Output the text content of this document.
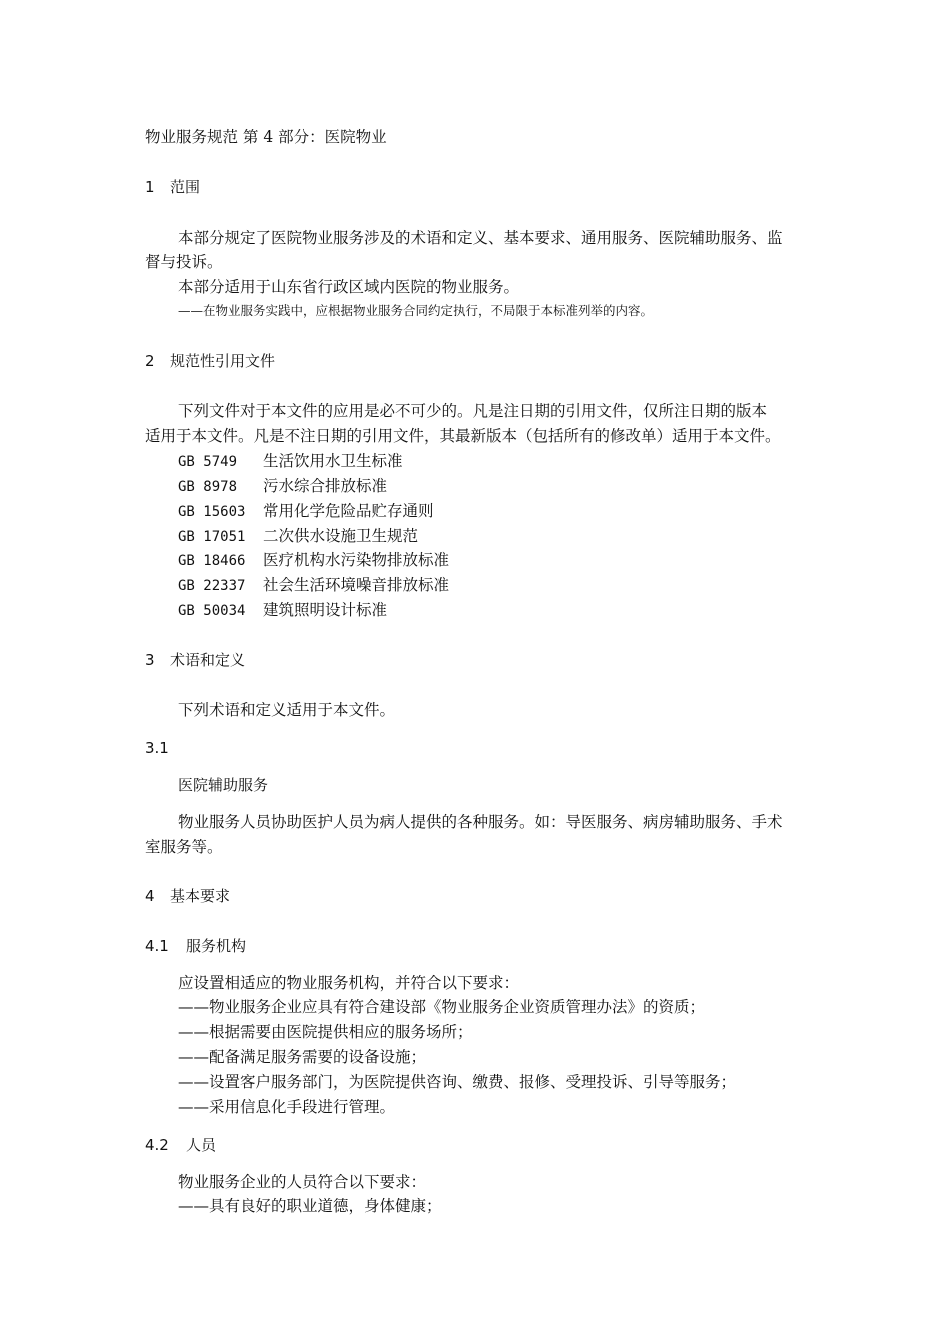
物业服务规范 第 4 部分：医院物业
1 范围
本部分规定了医院物业服务涉及的术语和定义、基本要求、通用服务、医院辅助服务、监
督与投诉。
本部分适用于山东省行政区域内医院的物业服务。
——在物业服务实践中，应根据物业服务合同约定执行，不局限于本标准列举的内容。
2 规范性引用文件
下列文件对于本文件的应用是必不可少的。凡是注日期的引用文件，仅所注日期的版本
适用于本文件。凡是不注日期的引用文件，其最新版本（包括所有的修改单）适用于本文件。
GB 5749 生活饮用水卫生标准
GB 8978 污水综合排放标准
GB 15603 常用化学危险品贮存通则
GB 17051 二次供水设施卫生规范
GB 18466 医疗机构水污染物排放标准
GB 22337 社会生活环境噪音排放标准
GB 50034 建筑照明设计标准
3 术语和定义
下列术语和定义适用于本文件。
3.1
医院辅助服务
物业服务人员协助医护人员为病人提供的各种服务。如：导医服务、病房辅助服务、手术
室服务等。
4 基本要求
4.1 服务机构
应设置相适应的物业服务机构，并符合以下要求：
——物业服务企业应具有符合建设部《物业服务企业资质管理办法》的资质；
——根据需要由医院提供相应的服务场所；
——配备满足服务需要的设备设施；
——设置客户服务部门，为医院提供咨询、缴费、报修、受理投诉、引导等服务；
——采用信息化手段进行管理。
4.2 人员
物业服务企业的人员符合以下要求：
——具有良好的职业道德，身体健康；
